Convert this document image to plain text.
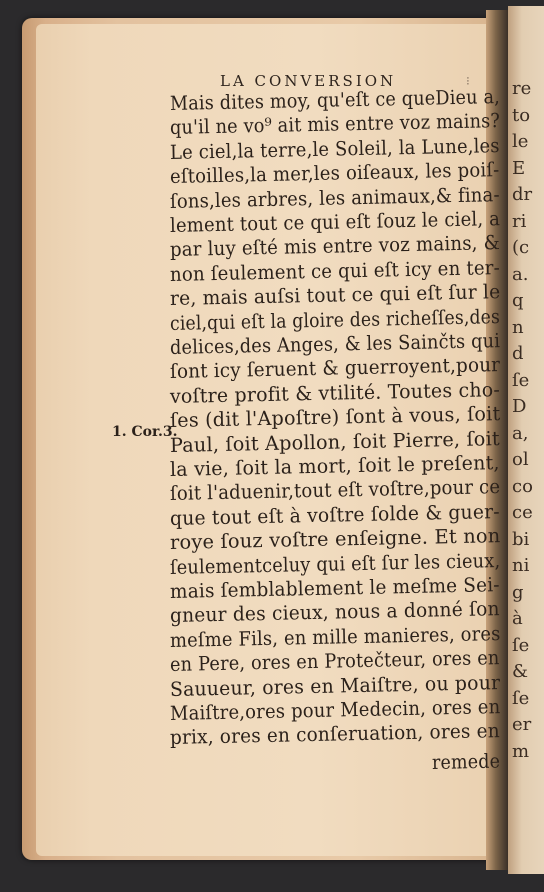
re
to
le
E
dr
ri
(c
a.
q
n
d
ſe
D
a,
ol
co
ce
bi
ni
g
à
ſe
&
ſe
er
m
LA CONVERSION	⁝
1. Cor.3.
Mais dites moy, qu'eſt ce queDieu a,
qu'il ne vo⁹ ait mis entre voz mains?
Le ciel,la terre,le Soleil, la Lune,les
eſtoilles,la mer,les oiſeaux, les poiſ-
ſons,les arbres, les animaux,& fina-
lement tout ce qui eſt ſouz le ciel, a
par luy eſté mis entre voz mains, &
non ſeulement ce qui eſt icy en ter-
re, mais auſsi tout ce qui eſt ſur le
ciel,qui eſt la gloire des richeſſes,des
delices,des Anges, & les Sainčts qui
ſont icy ſeruent & guerroyent,pour
voſtre profit & vtilité. Toutes cho-
ſes (dit l'Apoſtre) ſont à vous, ſoit
Paul, ſoit Apollon, ſoit Pierre, ſoit
la vie, ſoit la mort, ſoit le preſent,
ſoit l'aduenir,tout eſt voſtre,pour ce
que tout eſt à voſtre ſolde & guer-
roye ſouz voſtre enſeigne. Et non
ſeulementceluy qui eſt ſur les cieux,
mais ſemblablement le meſme Sei-
gneur des cieux, nous a donné ſon
meſme Fils, en mille manieres, ores
en Pere, ores en Protečteur, ores en
Sauueur, ores en Maiſtre, ou pour
Maiſtre,ores pour Medecin, ores en
prix, ores en conſeruation, ores en
remede
